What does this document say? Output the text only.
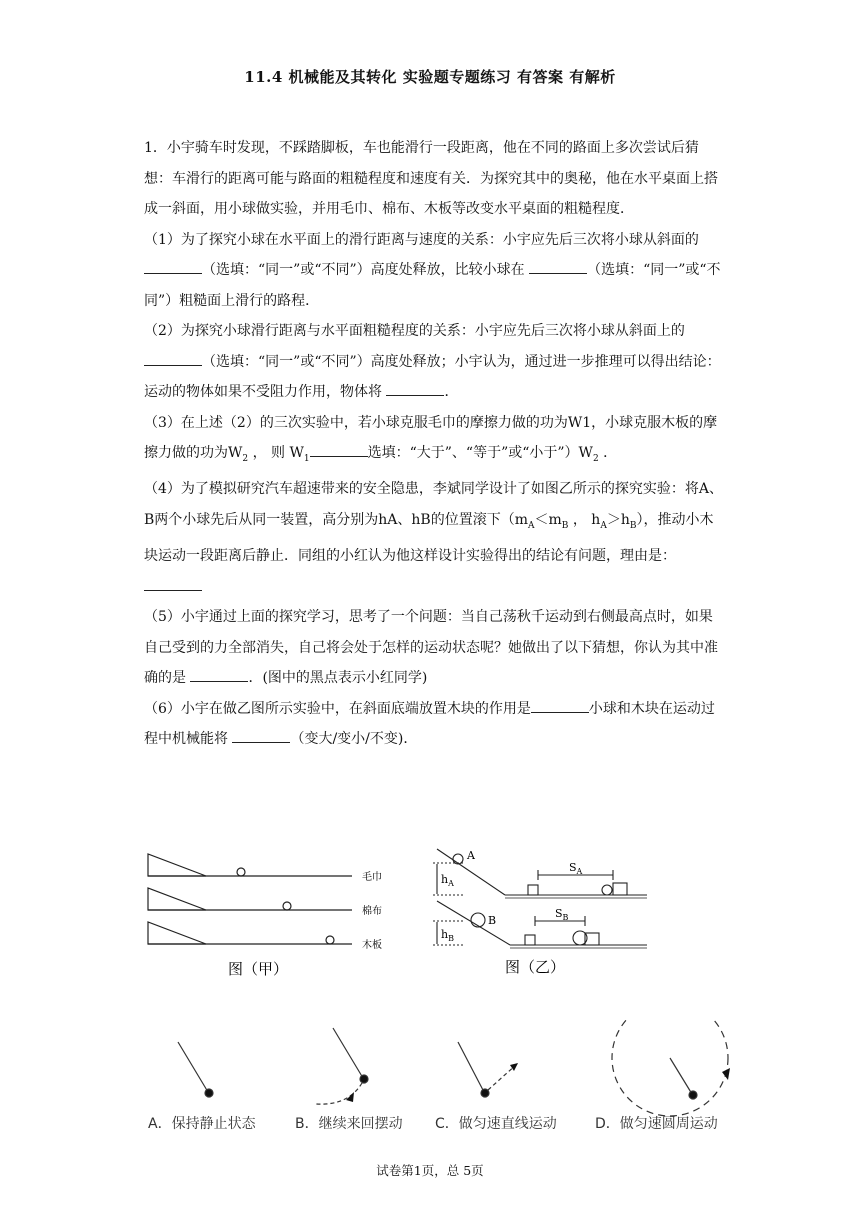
11.4 机械能及其转化 实验题专题练习 有答案 有解析

1．小宇骑车时发现，不踩踏脚板，车也能滑行一段距离，他在不同的路面上多次尝试后猜想：车滑行的距离可能与路面的粗糙程度和速度有关．为探究其中的奥秘，他在水平桌面上搭成一斜面，用小球做实验，并用毛巾、棉布、木板等改变水平桌面的粗糙程度．

（1）为了探究小球在水平面上的滑行距离与速度的关系：小宇应先后三次将小球从斜面的 （选填：“同一”或“不同”）高度处释放，比较小球在	（选填：“同一”或“不同”）粗糙面上滑行的路程．

（2）为探究小球滑行距离与水平面粗糙程度的关系：小宇应先后三次将小球从斜面上的 （选填：“同一”或“不同”）高度处释放；小宇认为，通过进一步推理可以得出结论：运动的物体如果不受阻力作用，物体将	．

（3）在上述（2）的三次实验中，若小球克服毛巾的摩擦力做的功为W1，小球克服木板的摩擦力做的功为$W_2$ ， 则 $W_1$	选填：“大于”、“等于”或“小于$”)W_2$ ．

（4）为了模拟研究汽车超速带来的安全隐患，李斌同学设计了如图乙所示的探究实验：将A、B两个小球先后从同一装置，高分别为hA、hB的位置滚下（$m_A<m_B$ ， $h_A>h_B$），推动小木块运动一段距离后静止．同组的小红认为他这样设计实验得出的结论有问题，理由是：

（5）小宇通过上面的探究学习，思考了一个问题：当自己荡秋千运动到右侧最高点时，如果自己受到的力全部消失，自己将会处于怎样的运动状态呢？她做出了以下猜想，你认为其中准确的是	．(图中的黑点表示小红同学)

（6）小宇在做乙图所示实验中，在斜面底端放置木块的作用是	小球和木块在运动过程中机械能将	（变大/变小/不变)．

毛巾
棉布
木板
图（甲）
A
$h_A$
$S_A$
B
$h_B$
$S_B$
图（乙）
A．保持静止状态	B．继续来回摆动 C．做匀速直线运动	D．做匀速圆周运动
试卷第1页，总 5页
